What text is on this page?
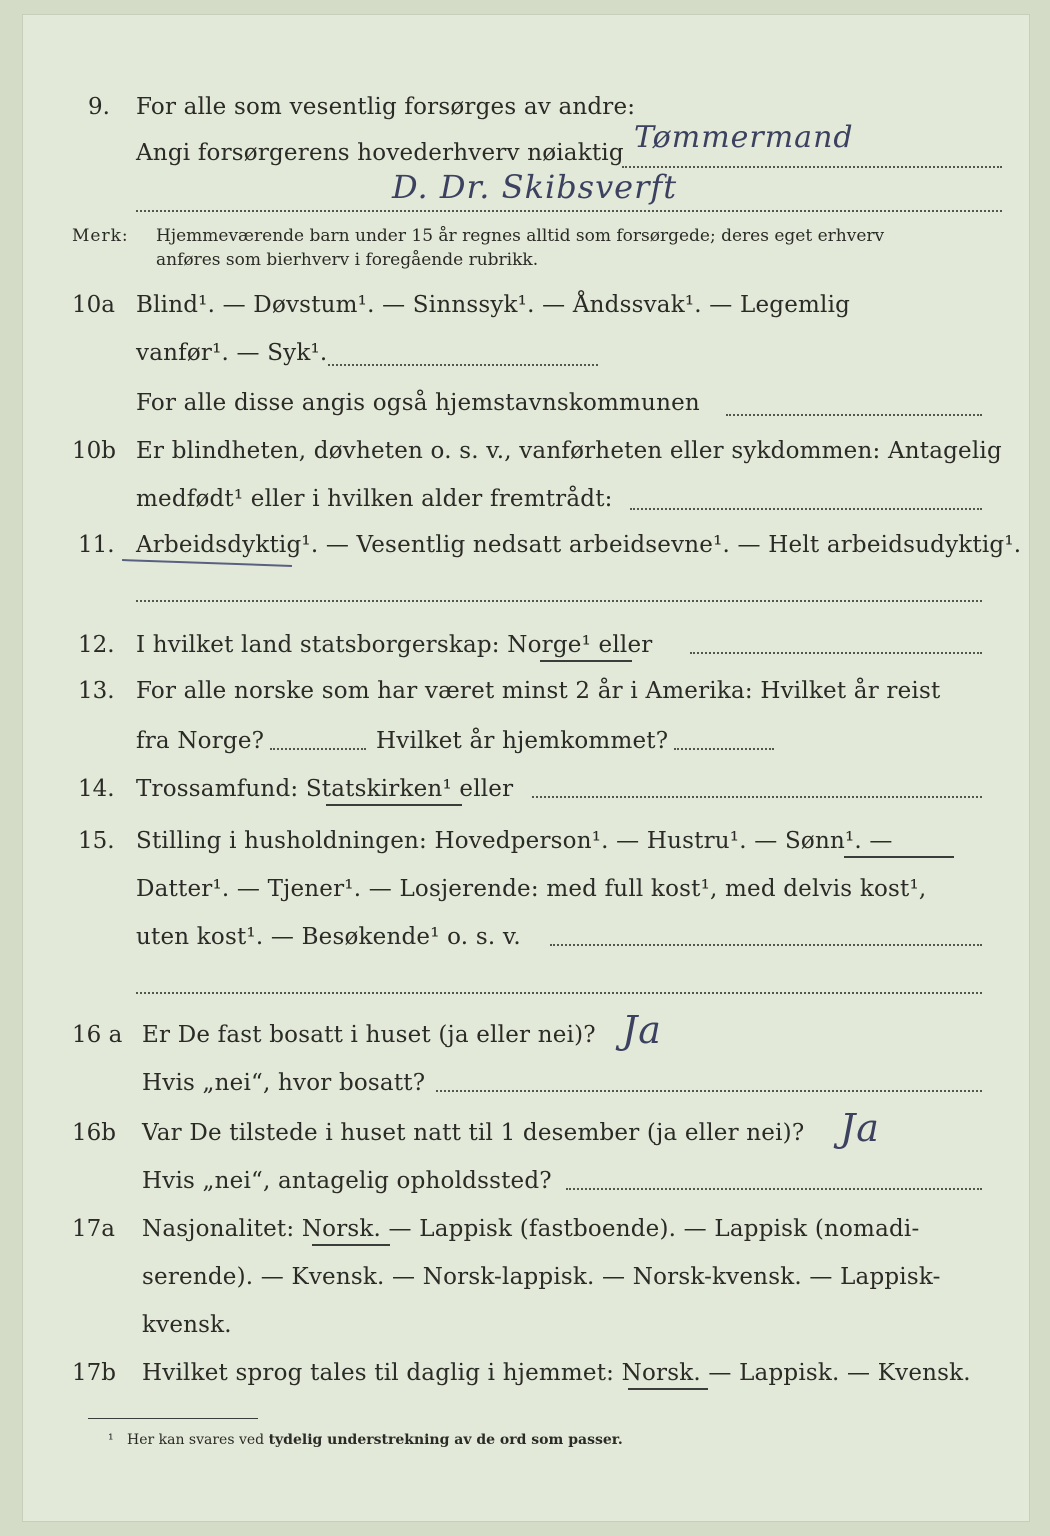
9. For alle som vesentlig forsørges av andre:
Angi forsørgerens hovederhverv nøiaktig Tømmermand
D. Dr. Skibsverft
Merk: Hjemmeværende barn under 15 år regnes alltid som forsørgede; deres eget erhverv
anføres som bierhverv i foregående rubrikk.
10a Blind¹. — Døvstum¹. — Sinnssyk¹. — Åndssvak¹. — Legemlig
vanfør¹. — Syk¹.
For alle disse angis også hjemstavnskommunen
10b Er blindheten, døvheten o. s. v., vanførheten eller sykdommen: Antagelig
medfødt¹ eller i hvilken alder fremtrådt:
11. Arbeidsdyktig¹. — Vesentlig nedsatt arbeidsevne¹. — Helt arbeidsudyktig¹.
12. I hvilket land statsborgerskap: Norge¹ eller
13. For alle norske som har været minst 2 år i Amerika: Hvilket år reist
fra Norge?	Hvilket år hjemkommet?
14. Trossamfund: Statskirken¹ eller
15. Stilling i husholdningen: Hovedperson¹. — Hustru¹. — Sønn¹. —
Datter¹. — Tjener¹. — Losjerende: med full kost¹, med delvis kost¹,
uten kost¹. — Besøkende¹ o. s. v.
16 a Er De fast bosatt i huset (ja eller nei)? Ja
Hvis „nei“, hvor bosatt?
16b Var De tilstede i huset natt til 1 desember (ja eller nei)? Ja
Hvis „nei“, antagelig opholdssted?
17a Nasjonalitet: Norsk. — Lappisk (fastboende). — Lappisk (nomadi-
serende). — Kvensk. — Norsk-lappisk. — Norsk-kvensk. — Lappisk-
kvensk.
17b Hvilket sprog tales til daglig i hjemmet: Norsk. — Lappisk. — Kvensk.
¹ Her kan svares ved tydelig understrekning av de ord som passer.
